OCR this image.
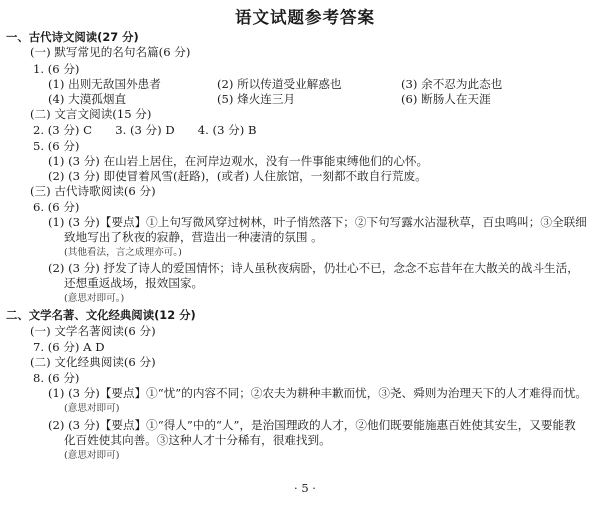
语文试题参考答案
一、古代诗文阅读(27 分)
(一) 默写常见的名句名篇(6 分)
1. (6 分)
(1) 出则无敌国外患者	(2) 所以传道受业解惑也	(3) 余不忍为此态也
(4) 大漠孤烟直	(5) 烽火连三月	(6) 断肠人在天涯
(二) 文言文阅读(15 分)
2. (3 分) C　　3. (3 分) D　　4. (3 分) B
5. (6 分)
(1) (3 分) 在山岩上居住，在河岸边观水，没有一件事能束缚他们的心怀。
(2) (3 分) 即使冒着风雪(赶路)，(或者) 人住旅馆，一刻都不敢自行荒废。
(三) 古代诗歌阅读(6 分)
6. (6 分)
(1) (3 分)【要点】①上句写微风穿过树林，叶子悄然落下；②下句写露水沾湿秋草，百虫鸣叫；③全联细
致地写出了秋夜的寂静，营造出一种凄清的氛围 。
(其他看法，言之成理亦可。)
(2) (3 分) 抒发了诗人的爱国情怀；诗人虽秋夜病卧，仍壮心不已，念念不忘昔年在大散关的战斗生活，
还想重返战场，报效国家。
(意思对即可。)
二、文学名著、文化经典阅读(12 分)
(一) 文学名著阅读(6 分)
7. (6 分) A D
(二) 文化经典阅读(6 分)
8. (6 分)
(1) (3 分)【要点】①“忧”的内容不同；②农夫为耕种丰歉而忧，③尧、舜则为治理天下的人才难得而忧。
(意思对即可)
(2) (3 分)【要点】①“得人”中的“人”，是治国理政的人才，②他们既要能施惠百姓使其安生，又要能教
化百姓使其向善。③这种人才十分稀有，很难找到。
(意思对即可)
· 5 ·
